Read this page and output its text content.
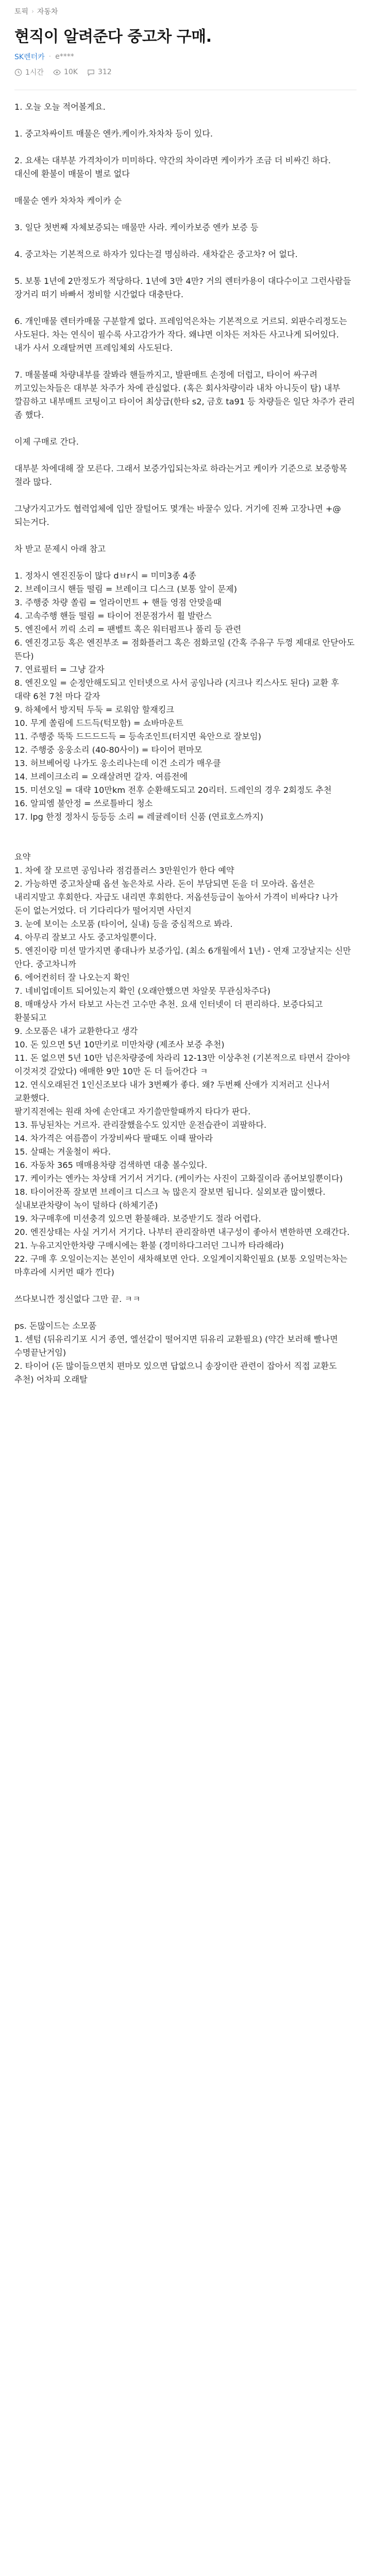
토픽 › 자동차
현직이 알려준다 중고차 구매.
SK렌터카 · e****
1시간	10K	312
1. 오늘 오늘 적어볼게요.

1. 중고차싸이트 매물은 엔카.케이카.차차차 등이 있다.

2. 요새는 대부분 가격차이가 미미하다. 약간의 차이라면 케이카가 조금 더 비싸긴 하다. 대신에 환불이 매물이 별로 없다

매물순 엔카 차차차 케이카 순

3. 일단 첫번째 자체보증되는 매물만 사라. 케이카보증 엔카 보증 등

4. 중고차는 기본적으로 하자가 있다는걸 명심하라. 새차같은 중고차? 어 없다.

5. 보통 1년에 2만정도가 적당하다. 1년에 3만 4만? 거의 렌터카용이 대다수이고 그런사람들 장거리 떠기 바빠서 정비할 시간없다 대충탄다.

6. 개인매물 렌터카매물 구분할게 없다. 프레임억은차는 기본적으로 거르되. 외판수리정도는 사도된다. 차는 연식이 필수록 사고감가가 작다. 왜냐면 이차든 저차든 사고나게 되어있다. 내가 사서 오래탈꺼면 프레임체외 사도된다.

7. 매물볼때 차량내부를 잘봐라 핸들까지고, 발판매트 손정에 더럽고, 타이어 싸구려 끼고있는차들은 대부분 차주가 차에 관심없다. (혹은 회사차량이라 내차 아니듯이 탐) 내부 깔끔하고 내부매트 코팅이고 타이어 최상급(한타 s2, 금호 ta91 등 차량들은 일단 차주가 관리 좀 했다.

이제 구매로 간다.

대부분 차에대해 잘 모른다. 그래서 보증가입되는차로 하라는거고 케이카 기준으로 보증항목 절라 많다.

그냥가지고가도 협력업체에 입만 잘털어도 몇개는 바꿀수 있다. 거기에 진짜 고장나면 +@ 되는거다.

차 받고 문제시 아래 참고

1. 정차시 엔진진동이 많다 dㅂr시 = 미미3종 4종
2. 브레이크시 핸들 떨림 = 브레이크 디스크 (보통 앞이 문제)
3. 주행중 차량 쏠림 = 얼라이먼트 + 핸들 영점 안맞을때
4. 고속주행 핸들 떨림 = 타이어 전문점가서 휠 발란스
5. 엔진에서 끼릭 소리 = 팬벨트 혹은 워터펌프나 풀리 등 관련
6. 엔진경고등 혹은 엔진부조 = 점화플러그 혹은 점화코일 (간혹 주유구 두껑 제대로 안닫아도 뜬다)
7. 연료필터 = 그냥 갈자
8. 엔진오일 = 순정안해도되고 인터넷으로 사서 공임나라 (지크나 킥스사도 된다) 교환 후 대략 6천 7천 마다 갈자
9. 하체에서 방지틱 두둑 = 로워암 할재킹크
10. 무게 쏠림에 드드득(턱모함) = 쇼바마운트
11. 주행중 뚝뚝 드드드드득 = 등속조인트(터지면 육안으로 잘보임)
12. 주행중 웅웅소리 (40-80사이) = 타이어 편마모
13. 허브베어링 나가도 웅소리나는데 이건 소리가 매우클
14. 브레이크소리 = 오래살려면 갈자. 여름전에
15. 미션오일 = 대략 10만km 전후 순환해도되고 20리터. 드레인의 경우 2회정도 추천
16. 알피엠 불안정 = 쓰로틀바디 청소
17. lpg 한정 정차시 등등등 소리 = 레귤레이터 신품 (연료호스까지)

요약
1. 차에 잘 모르면 공임나라 점검플러스 3만원인가 한다 예약
2. 가능하면 중고차살때 옵션 높은차로 사라. 돈이 부담되면 돈을 더 모아라. 옵션은 내리지말고 후회한다. 자급도 내리면 후회한다. 저옵션등급이 높아서 가격이 비싸다? 나가 돈이 없는거었다. 더 기다리다가 떨어지면 사던지
3. 눈에 보이는 소모품 (타이어, 실내) 등을 중심적으로 봐라.
4. 아무리 잘보고 사도 중고차일뿐이다.
5. 엔진이랑 미션 말가지면 좋대나카 보증가입. (최소 6개월에서 1년) - 연재 고장날지는 신만 안다. 중고차니까
6. 에어컨히터 잘 나오는지 확인
7. 네비업데이트 되어있는지 확인 (오래안했으면 차알못 무관심차주다)
8. 매매상사 가서 타보고 사는건 고수만 추천. 요새 인터넷이 더 편리하다. 보증다되고 환불되고
9. 소모품은 내가 교환한다고 생각
10. 돈 있으면 5년 10만키로 미만차량 (제조사 보증 추천)
11. 돈 없으면 5년 10만 넘은차량중에 차라리 12-13만 이상추천 (기본적으로 타면서 갈아야 이것저것 갈았다) 애매한 9만 10만 돈 더 들어간다 ㅋ
12. 연식오래된건 1인신조보다 내가 3번째가 좋다. 왜? 두번째 산애가 지저러고 신나서 교환했다.
팔기직전에는 원래 차에 손안대고 자기쓸만할때까지 타다가 판다.
13. 튜닝된차는 거르자. 관리잘했을수도 있지만 운전습관이 괴팔하다.
14. 차가격은 여름쯤이 가장비싸다 팔때도 이때 팔아라
15. 살때는 겨울철이 싸다.
16. 자동차 365 매매용차량 검색하면 대충 볼수있다.
17. 케이카는 엔카는 차상태 거기서 거기다. (케이카는 사진이 고화질이라 좀어보일뿐이다)
18. 타이어잔폭 잘보면 브레이크 디스크 녹 많은지 잘보면 됩니다. 실외보관 많이했다. 실내보관차량이 녹이 덜하다 (하체기준)
19. 차구매후에 미션충격 있으면 환불해라. 보증받기도 절라 어렵다.
20. 엔진상태는 사실 거기서 거기다. 나부터 관리잘하면 내구성이 좋아서 변한하면 오래간다.
21. 누유고지안한차량 구매시에는 환불 (경미하다그러던 그니까 타라해라)
22. 구매 후 오일이는지는 본인이 새차해보면 안다. 오일게이지확인필요 (보통 오일먹는차는 마후라에 시커먼 때가 낀다)

쓰다보니깐 정신없다 그만 끝. ㅋㅋ

ps. 돈많이드는 소모품
1. 센텀 (뒤유리기포 시거 종연, 엘선같이 떨어지면 뒤유리 교환필요) (약간 보러해 빨나면 수명끝난거임)
2. 타이어 (돈 많이들으면치 편마모 있으면 답없으니 송장이란 관련이 잡아서 직접 교환도 추천) 어차피 오래탈
